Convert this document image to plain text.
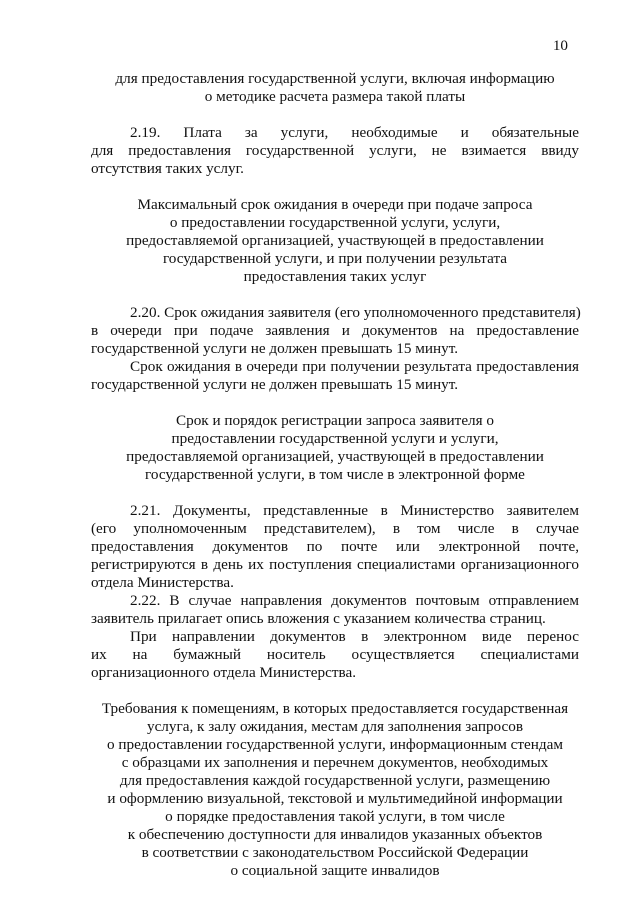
10
для предоставления государственной услуги, включая информацию
о методике расчета размера такой платы
2.19. Плата за услуги, необходимые и обязательные
для предоставления государственной услуги, не взимается ввиду
отсутствия таких услуг.
Максимальный срок ожидания в очереди при подаче запроса
о предоставлении государственной услуги, услуги,
предоставляемой организацией, участвующей в предоставлении
государственной услуги, и при получении результата
предоставления таких услуг
2.20. Срок ожидания заявителя (его уполномоченного представителя)
в очереди при подаче заявления и документов на предоставление
государственной услуги не должен превышать 15 минут.
Срок ожидания в очереди при получении результата предоставления
государственной услуги не должен превышать 15 минут.
Срок и порядок регистрации запроса заявителя о
предоставлении государственной услуги и услуги,
предоставляемой организацией, участвующей в предоставлении
государственной услуги, в том числе в электронной форме
2.21. Документы, представленные в Министерство заявителем
(его уполномоченным представителем), в том числе в случае
предоставления документов по почте или электронной почте,
регистрируются в день их поступления специалистами организационного
отдела Министерства.
2.22. В случае направления документов почтовым отправлением
заявитель прилагает опись вложения с указанием количества страниц.
При направлении документов в электронном виде перенос
их на бумажный носитель осуществляется специалистами
организационного отдела Министерства.
Требования к помещениям, в которых предоставляется государственная
услуга, к залу ожидания, местам для заполнения запросов
о предоставлении государственной услуги, информационным стендам
с образцами их заполнения и перечнем документов, необходимых
для предоставления каждой государственной услуги, размещению
и оформлению визуальной, текстовой и мультимедийной информации
о порядке предоставления такой услуги, в том числе
к обеспечению доступности для инвалидов указанных объектов
в соответствии с законодательством Российской Федерации
о социальной защите инвалидов
